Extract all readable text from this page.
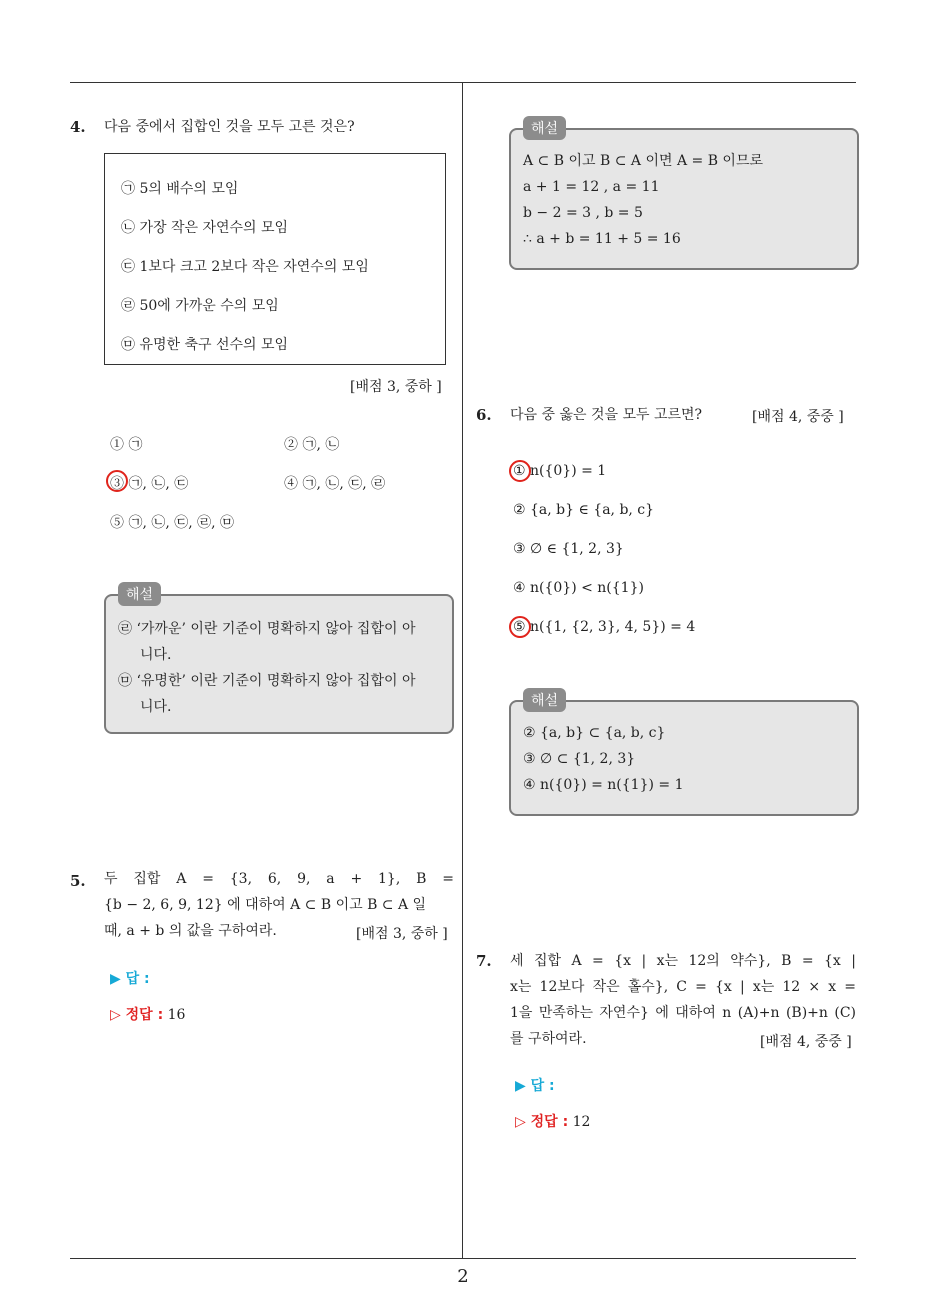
4. 다음 중에서 집합인 것을 모두 고른 것은?
㉠ 5의 배수의 모임
㉡ 가장 작은 자연수의 모임
㉢ 1보다 크고 2보다 작은 자연수의 모임
㉣ 50에 가까운 수의 모임
㉤ 유명한 축구 선수의 모임
[배점 3, 중하 ]
① ㉠	② ㉠, ㉡
③ ㉠, ㉡, ㉢	④ ㉠, ㉡, ㉢, ㉣
⑤ ㉠, ㉡, ㉢, ㉣, ㉤
㉣ ‘가까운’ 이란 기준이 명확하지 않아 집합이 아
니다.
㉤ ‘유명한’ 이란 기준이 명확하지 않아 집합이 아
니다.
해설
5. 두 집합 A = {3, 6, 9, a + 1}, B =
{b − 2, 6, 9, 12} 에 대하여 A ⊂ B 이고 B ⊂ A 일
때, a + b 의 값을 구하여라.	[배점 3, 중하 ]
▶ 답 :
▷ 정답 : 16
A ⊂ B 이고 B ⊂ A 이면 A = B 이므로
a + 1 = 12 , a = 11
b − 2 = 3 , b = 5
∴ a + b = 11 + 5 = 16
해설
6. 다음 중 옳은 것을 모두 고르면?	[배점 4, 중중 ]
① n({0}) = 1
② {a, b} ∈ {a, b, c}
③ ∅ ∈ {1, 2, 3}
④ n({0}) < n({1})
⑤ n({1, {2, 3}, 4, 5}) = 4
② {a, b} ⊂ {a, b, c}
③ ∅ ⊂ {1, 2, 3}
④ n({0}) = n({1}) = 1
해설
7. 세 집합 A = {x | x는 12의 약수}, B = {x |
x는 12보다 작은 홀수}, C = {x | x는 12 × x =
1을 만족하는 자연수} 에 대하여 n (A)+n (B)+n (C)
를 구하여라.	[배점 4, 중중 ]
▶ 답 :
▷ 정답 : 12
2
